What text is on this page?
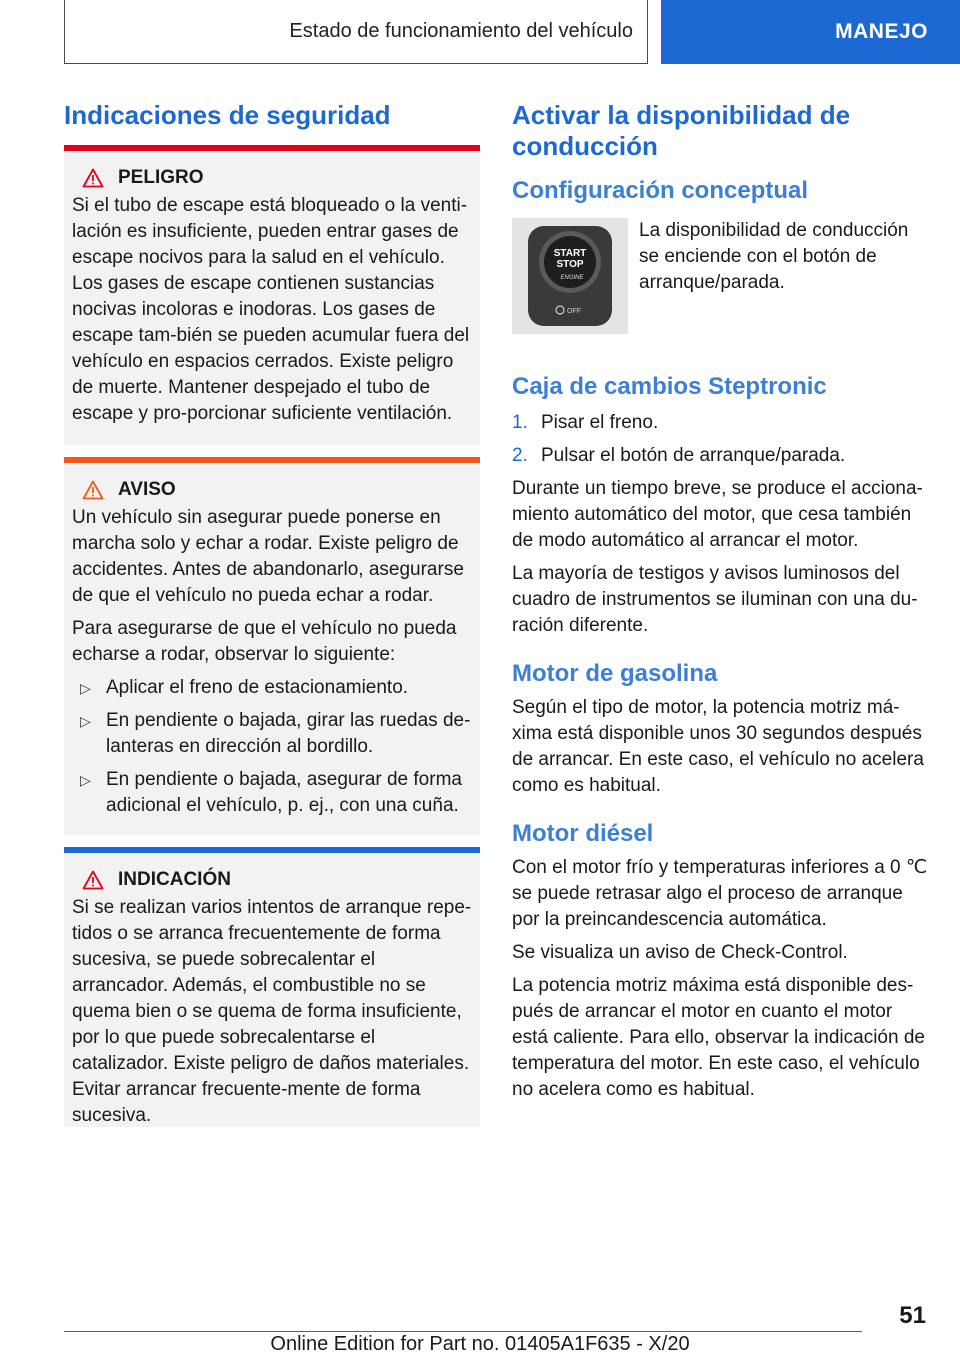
Estado de funcionamiento del vehículo	MANEJO
Indicaciones de seguridad
PELIGRO

Si el tubo de escape está bloqueado o la venti-lación es insuficiente, pueden entrar gases de escape nocivos para la salud en el vehículo. Los gases de escape contienen sustancias nocivas incoloras e inodoras. Los gases de escape tam-bién se pueden acumular fuera del vehículo en espacios cerrados. Existe peligro de muerte. Mantener despejado el tubo de escape y pro-porcionar suficiente ventilación.

AVISO

Un vehículo sin asegurar puede ponerse en marcha solo y echar a rodar. Existe peligro de accidentes. Antes de abandonarlo, asegurarse de que el vehículo no pueda echar a rodar.

Para asegurarse de que el vehículo no pueda echarse a rodar, observar lo siguiente:

▷ Aplicar el freno de estacionamiento.
▷ En pendiente o bajada, girar las ruedas de-lanteras en dirección al bordillo.
▷ En pendiente o bajada, asegurar de forma adicional el vehículo, p. ej., con una cuña.
INDICACIÓN

Si se realizan varios intentos de arranque repe-tidos o se arranca frecuentemente de forma sucesiva, se puede sobrecalentar el arrancador. Además, el combustible no se quema bien o se quema de forma insuficiente, por lo que puede sobrecalentarse el catalizador. Existe peligro de daños materiales. Evitar arrancar frecuente-mente de forma sucesiva.

Activar la disponibilidad de conducción
Configuración conceptual
START
STOP
ENGINE
OFF
La disponibilidad de conducción se enciende con el botón de arranque/parada.
Caja de cambios Steptronic
1. Pisar el freno.
2. Pulsar el botón de arranque/parada.

Durante un tiempo breve, se produce el acciona-miento automático del motor, que cesa también de modo automático al arrancar el motor.

La mayoría de testigos y avisos luminosos del cuadro de instrumentos se iluminan con una du-ración diferente.

Motor de gasolina

Según el tipo de motor, la potencia motriz má-xima está disponible unos 30 segundos después de arrancar. En este caso, el vehículo no acelera como es habitual.

Motor diésel

Con el motor frío y temperaturas inferiores a 0 ℃ se puede retrasar algo el proceso de arranque por la preincandescencia automática.

Se visualiza un aviso de Check-Control.

La potencia motriz máxima está disponible des-pués de arrancar el motor en cuanto el motor está caliente. Para ello, observar la indicación de temperatura del motor. En este caso, el vehículo no acelera como es habitual.

51
Online Edition for Part no. 01405A1F635 - X/20
